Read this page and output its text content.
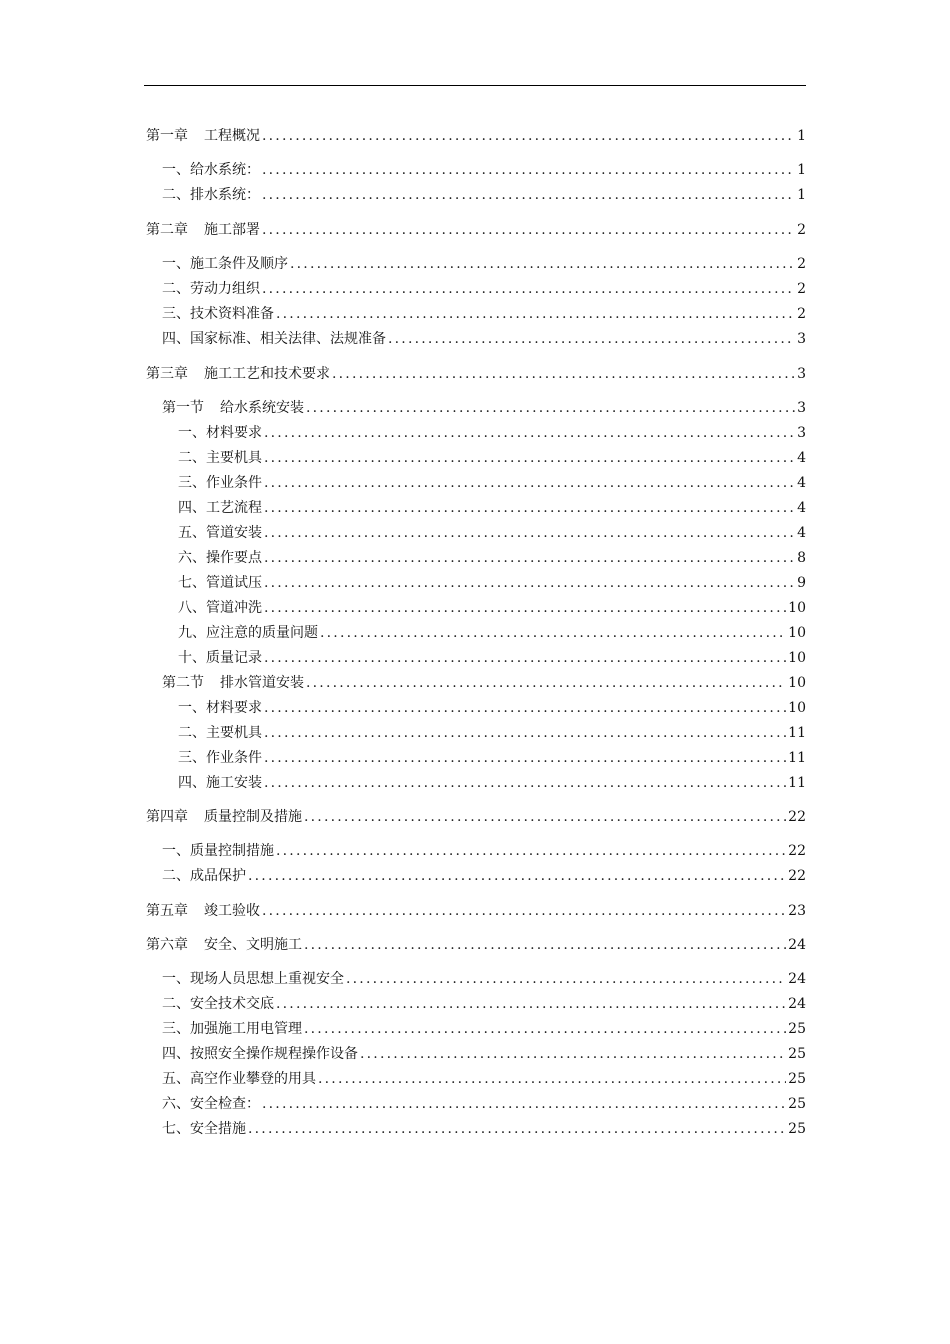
第一章 工程概况 .....	1
一、给水系统： .....	1
二、排水系统： .....	1
第二章 施工部署 .....	2
一、施工条件及顺序 .....	2
二、劳动力组织 .....	2
三、技术资料准备 .....	2
四、国家标准、相关法律、法规准备 .....	3
第三章 施工工艺和技术要求 .....	3
第一节 给水系统安装 .....	3
一、材料要求 .....	3
二、主要机具 .....	4
三、作业条件 .....	4
四、工艺流程 .....	4
五、管道安装 .....	4
六、操作要点 .....	8
七、管道试压 .....	9
八、管道冲洗 .....	10
九、应注意的质量问题 .....	10
十、质量记录 .....	10
第二节 排水管道安装 .....	10
一、材料要求 .....	10
二、主要机具 .....	11
三、作业条件 .....	11
四、施工安装 .....	11
第四章 质量控制及措施 .....	22
一、质量控制措施 .....	22
二、成品保护 .....	22
第五章 竣工验收 .....	23
第六章 安全、文明施工 .....	24
一、现场人员思想上重视安全 .....	24
二、安全技术交底 .....	24
三、加强施工用电管理 .....	25
四、按照安全操作规程操作设备 .....	25
五、高空作业攀登的用具 .....	25
六、安全检查： .....	25
七、安全措施 .....	25
